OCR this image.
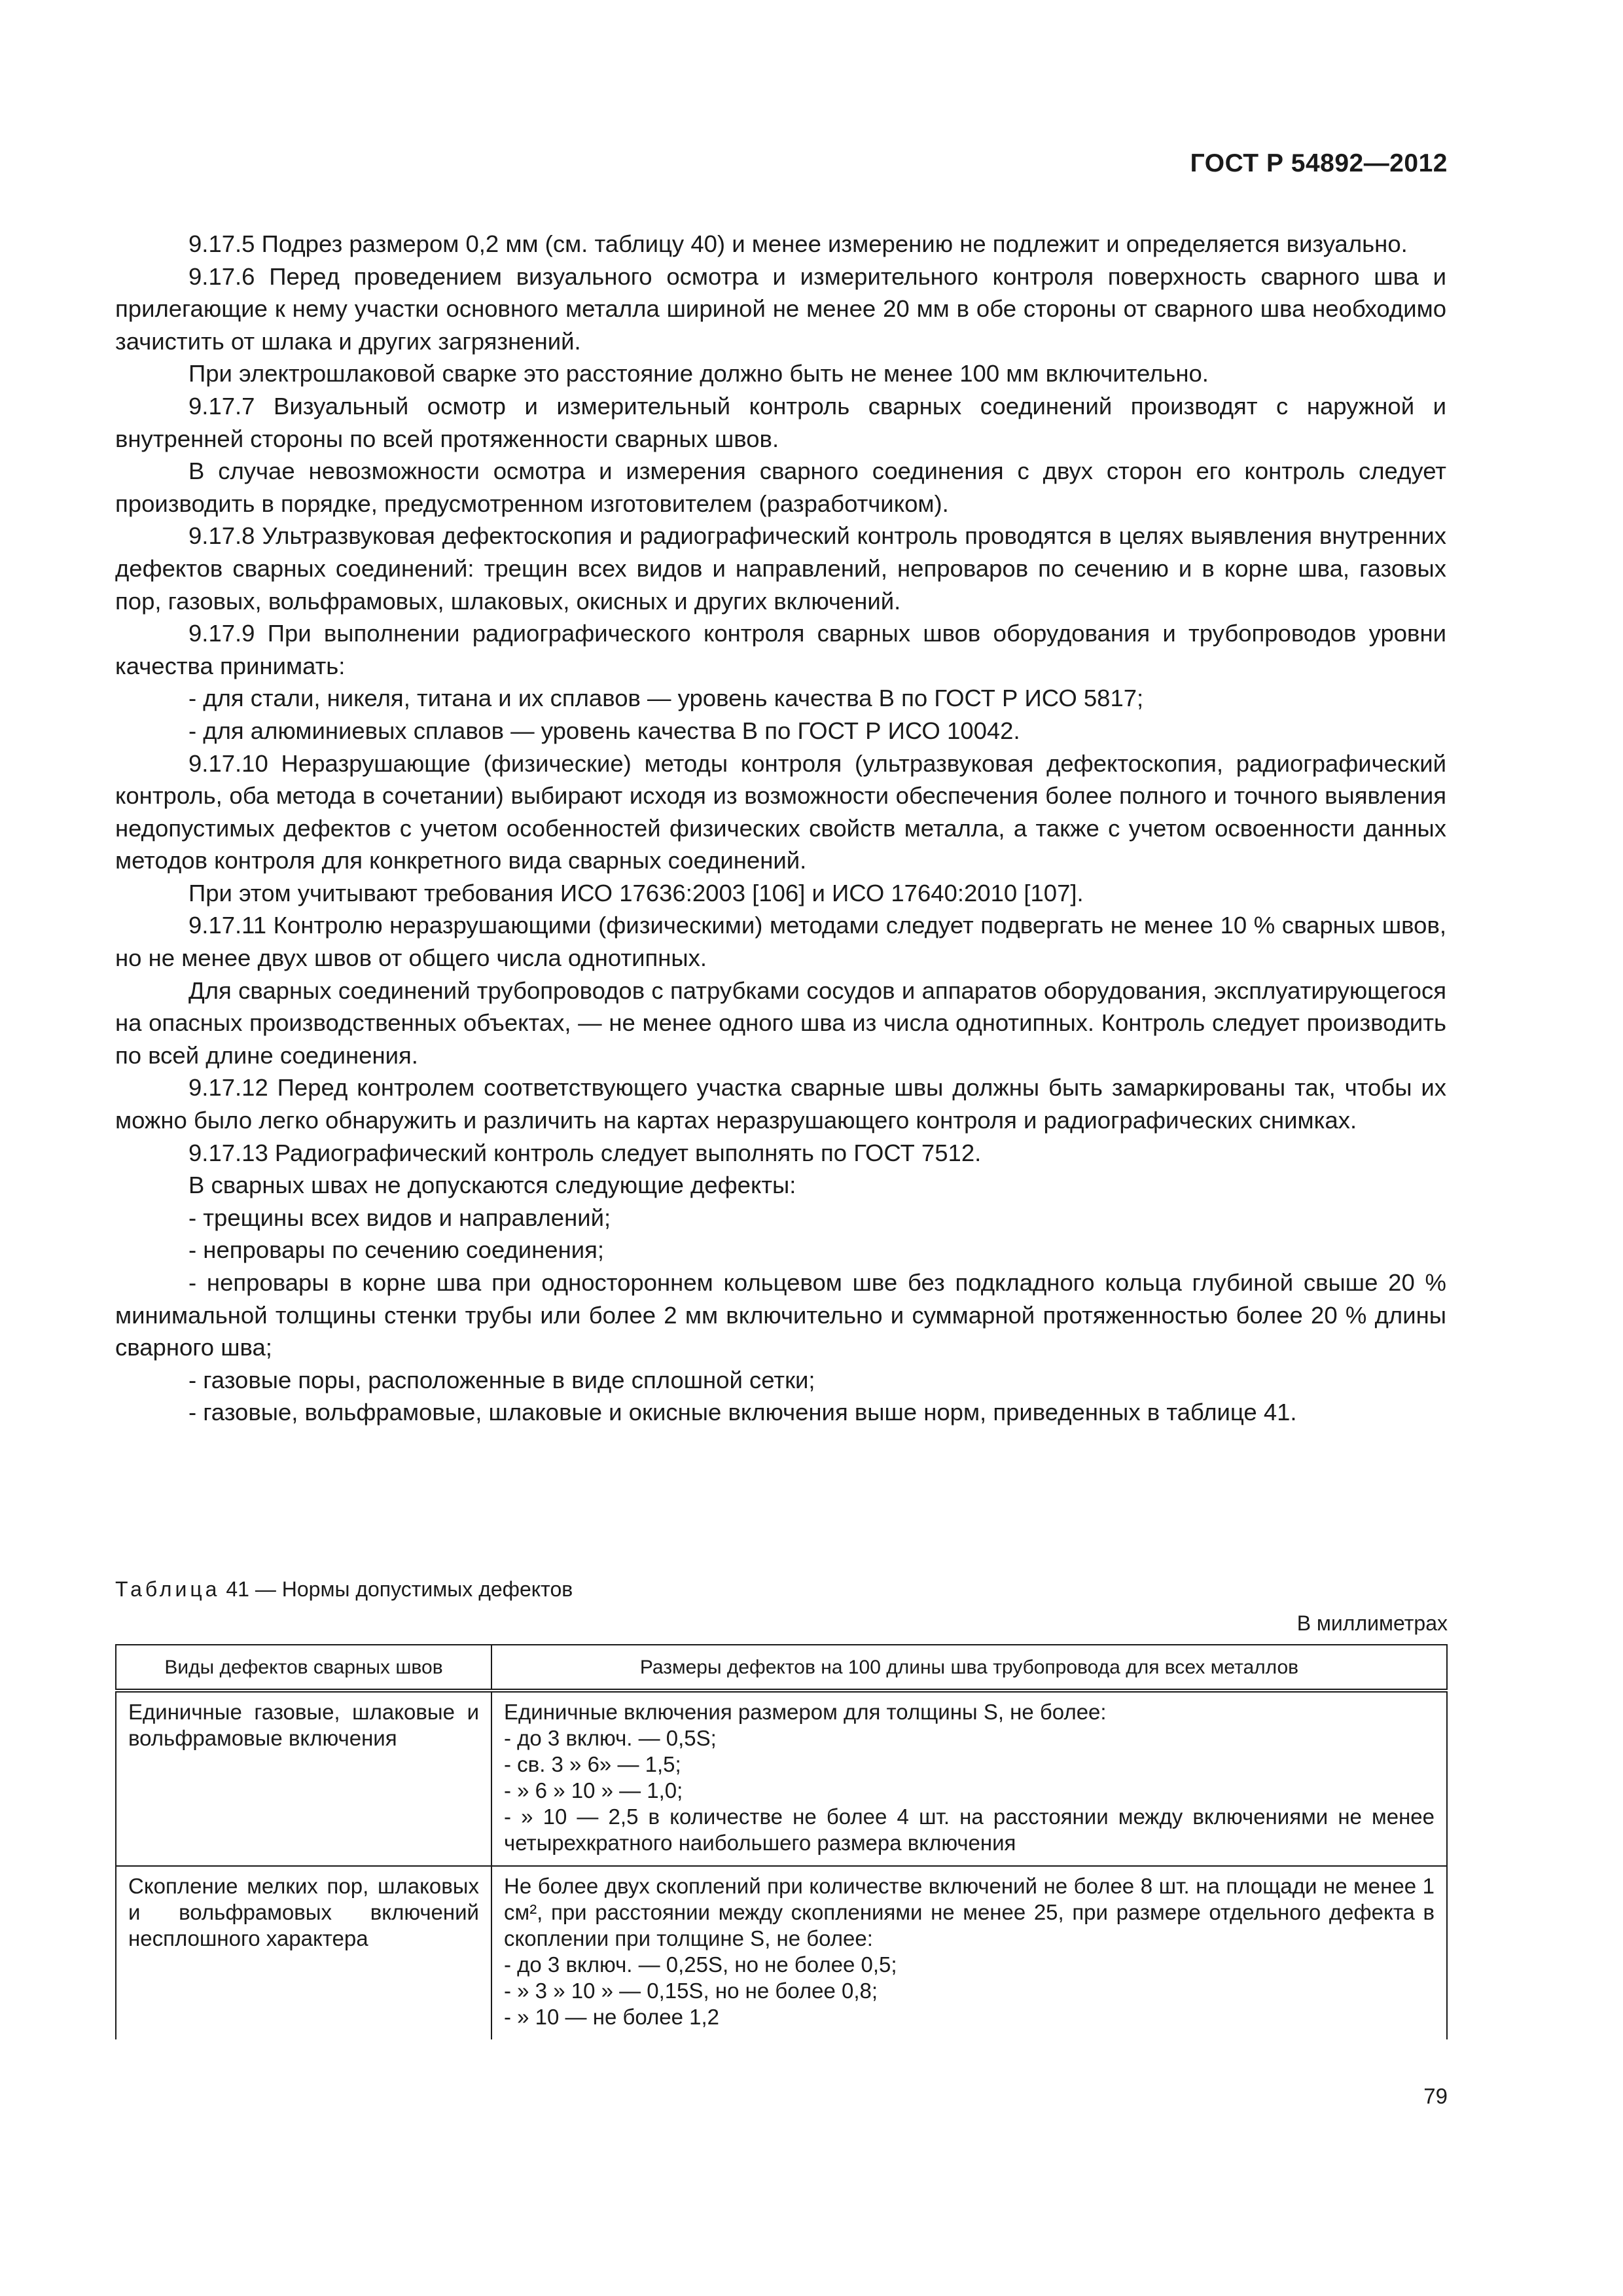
ГОСТ Р 54892—2012

9.17.5 Подрез размером 0,2 мм (см. таблицу 40) и менее измерению не подлежит и определяется визуально.

9.17.6 Перед проведением визуального осмотра и измерительного контроля поверхность сварного шва и прилегающие к нему участки основного металла шириной не менее 20 мм в обе стороны от сварного шва необходимо зачистить от шлака и других загрязнений.

При электрошлаковой сварке это расстояние должно быть не менее 100 мм включительно.

9.17.7 Визуальный осмотр и измерительный контроль сварных соединений производят с наружной и внутренней стороны по всей протяженности сварных швов.

В случае невозможности осмотра и измерения сварного соединения с двух сторон его контроль следует производить в порядке, предусмотренном изготовителем (разработчиком).

9.17.8 Ультразвуковая дефектоскопия и радиографический контроль проводятся в целях выявления внутренних дефектов сварных соединений: трещин всех видов и направлений, непроваров по сечению и в корне шва, газовых пор, газовых, вольфрамовых, шлаковых, окисных и других включений.

9.17.9 При выполнении радиографического контроля сварных швов оборудования и трубопроводов уровни качества принимать:

- для стали, никеля, титана и их сплавов — уровень качества B по ГОСТ Р ИСО 5817;

- для алюминиевых сплавов — уровень качества B по ГОСТ Р ИСО 10042.

9.17.10 Неразрушающие (физические) методы контроля (ультразвуковая дефектоскопия, радиографический контроль, оба метода в сочетании) выбирают исходя из возможности обеспечения более полного и точного выявления недопустимых дефектов с учетом особенностей физических свойств металла, а также с учетом освоенности данных методов контроля для конкретного вида сварных соединений.

При этом учитывают требования ИСО 17636:2003 [106] и ИСО 17640:2010 [107].

9.17.11 Контролю неразрушающими (физическими) методами следует подвергать не менее 10 % сварных швов, но не менее двух швов от общего числа однотипных.

Для сварных соединений трубопроводов с патрубками сосудов и аппаратов оборудования, эксплуатирующегося на опасных производственных объектах, — не менее одного шва из числа однотипных. Контроль следует производить по всей длине соединения.

9.17.12 Перед контролем соответствующего участка сварные швы должны быть замаркированы так, чтобы их можно было легко обнаружить и различить на картах неразрушающего контроля и радиографических снимках.

9.17.13 Радиографический контроль следует выполнять по ГОСТ 7512.

В сварных швах не допускаются следующие дефекты:

- трещины всех видов и направлений;

- непровары по сечению соединения;

- непровары в корне шва при одностороннем кольцевом шве без подкладного кольца глубиной свыше 20 % минимальной толщины стенки трубы или более 2 мм включительно и суммарной протяженностью более 20 % длины сварного шва;

- газовые поры, расположенные в виде сплошной сетки;

- газовые, вольфрамовые, шлаковые и окисные включения выше норм, приведенных в таблице 41.

Таблица 41 — Нормы допустимых дефектов
В миллиметрах
Виды дефектов сварных швов	Размеры дефектов на 100 длины шва трубопровода для всех металлов
Единичные газовые, шлаковые и вольфрамовые включения	Единичные включения размером для толщины S, не более:
- до 3 включ. — 0,5S;
- св. 3 » 6» — 1,5;
- » 6 » 10 » — 1,0;
- » 10 — 2,5 в количестве не более 4 шт. на расстоянии между включениями не менее четырехкратного наибольшего размера включения

Скопление мелких пор, шлаковых и вольфрамовых включений несплошного характера	Не более двух скоплений при количестве включений не более 8 шт. на площади не менее 1 см², при расстоянии между скоплениями не менее 25, при размере отдельного дефекта в скоплении при толщине S, не более:
- до 3 включ. — 0,25S, но не более 0,5;
- » 3 » 10 » — 0,15S, но не более 0,8;
- » 10 — не более 1,2
79
